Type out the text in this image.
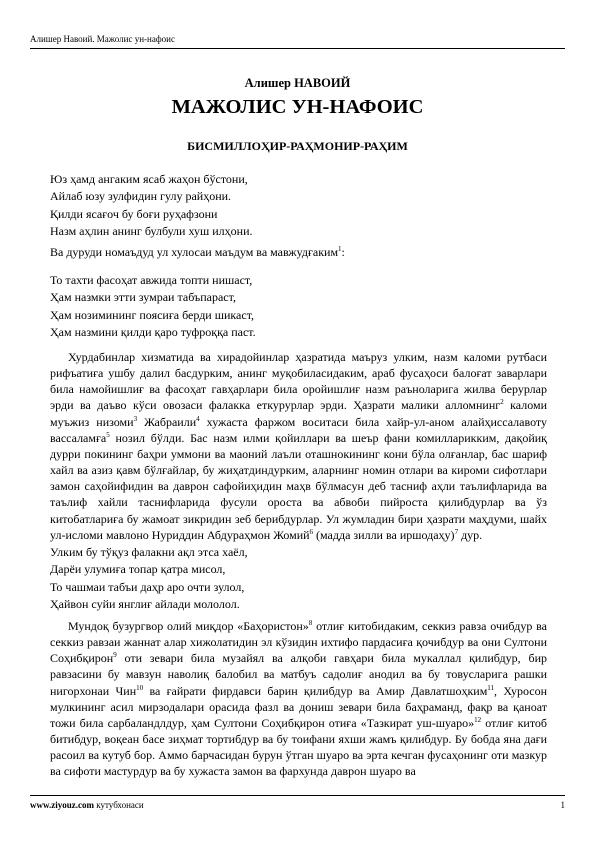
Алишер Навоий. Мажолис ун-нафоис
Алишер НАВОИЙ
МАЖОЛИС УН-НАФОИС
БИСМИЛЛОҲИР-РАҲМОНИР-РАҲИМ
Юз ҳамд ангаким ясаб жаҳон бўстони,
Айлаб юзу зулфидин гулу райҳони.
Қилди ясағоч бу боғи руҳафзони
Назм аҳлин анинг булбули хуш илҳони.
Ва дуруди номаъдуд ул хулосаи маъдум ва мавжудғаким$^1$:
То тахти фасоҳат авжида топти нишаст,
Ҳам назмки этти зумраи табъпараст,
Ҳам нозимининг поясиға берди шикаст,
Ҳам назмини қилди қаро туфроққа паст.
Хурдабинлар хизматида ва хирадойинлар ҳазратида маъруз улким, назм каломи рутбаси рифъатиға ушбу далил басдурким, анинг муқобиласидаким, араб фусаҳоси балоғат заварлари била намойишлиғ ва фасоҳат гавҳарлари била оройишлиғ назм раъноларига жилва берурлар эрди ва даъво кўси овозаси фалакка еткурурлар эрди. Ҳазрати малики алломнинг$^2$ каломи муъжиз низоми$^3$ Жабраили$^4$ хужаста фаржом воситаси била хайр-ул-аном алайҳиссалавоту вассаламға$^5$ нозил бўлди. Бас назм илми қойиллари ва шеър фани комилларикким, дақойиқ дурри покининг баҳри уммони ва маоний лаъли оташнокининг кони бўла олғанлар, бас шариф хайл ва азиз қавм бўлғайлар, бу жиҳатдиндурким, аларнинг номин отлари ва кироми сифотлари замон саҳойифидин ва даврон сафойиҳидин маҳв бўлмасун деб тасниф аҳли таълифларида ва таълиф хайли таснифларида фусули ороста ва абвоби пийроста қилибдурлар ва ўз китобатлариға бу жамоат зикридин зеб берибдурлар. Ул жумладин бири ҳазрати маҳдуми, шайх ул-исломи мавлоно Нуриддин Абдураҳмон Жомий$^6$ (мадда зилли ва иршодаҳу)$^7$ дур.
Улким бу тўқуз фалакни ақл этса хаёл,
Дарёи улумиға топар қатра мисол,
То чашмаи табъи даҳр аро очти зулол,
Ҳайвон суйи янглиғ айлади мололол.
Мундоқ бузургвор олий миқдор «Баҳористон»$^8$ отлиғ китобидаким, секкиз равза очибдур ва секкиз равзаи жаннат алар хижолатидин эл кўзидин ихтифо пардасиға қочибдур ва они Султони Соҳибқирон$^9$ оти зевари била музайял ва алқоби гавҳари била мукаллал қилибдур, бир равзасини бу мавзун наволиқ балобил ва матбуъ садолиғ анодил ва бу товусларига рашки нигорхонаи Чин$^{10}$ ва ғайрати фирдавси барин қилибдур ва Амир Давлатшоҳким$^{11}$, Хуросон мулкининг асил мирзодалари орасида фазл ва дониш зевари била баҳраманд, фақр ва қаноат тожи била сарбаландлдур, ҳам Султони Соҳибқирон отиға «Тазкират уш-шуаро»$^{12}$ отлиғ китоб битибдур, воқеан басе зиҳмат тортибдур ва бу тоифани яхши жамъ қилибдур. Бу бобда яна дағи расоил ва кутуб бор. Аммо барчасидан бурун ўтган шуаро ва эрта кечган фусаҳонинг оти мазкур ва сифоти мастурдур ва бу хужаста замон ва фархунда даврон шуаро ва
www.ziyouz.com кутубхонаси	1
